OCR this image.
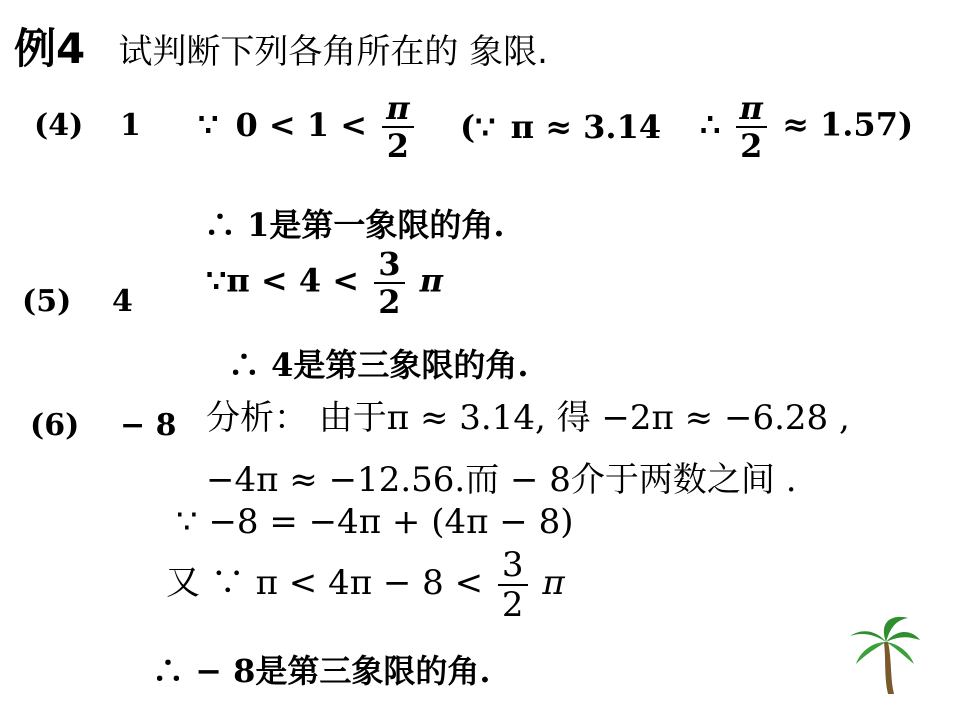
例4 试判断下列各角所在的 象限.
(4) 1 ∵ $0 < 1 < \frac{\pi}{2}$ (∵ π ≈ 3.14 ∴ $\frac{\pi}{2} \approx 1.57$)
∴ 1是第一象限的角.
(5) 4
∵π < $4 < \frac{3}{2}$ π
∴ 4是第三象限的角.
(6) − 8 分析： 由于π ≈ 3.14, 得 −2π ≈ −6.28 ,
−4π ≈ −12.56.而 − 8介于两数之间 .
∵ −8 = −4π + (4π − 8)
又 ∵ $\pi < 4\pi - 8 < \frac{3}{2}$ π
∴ − 8是第三象限的角.
